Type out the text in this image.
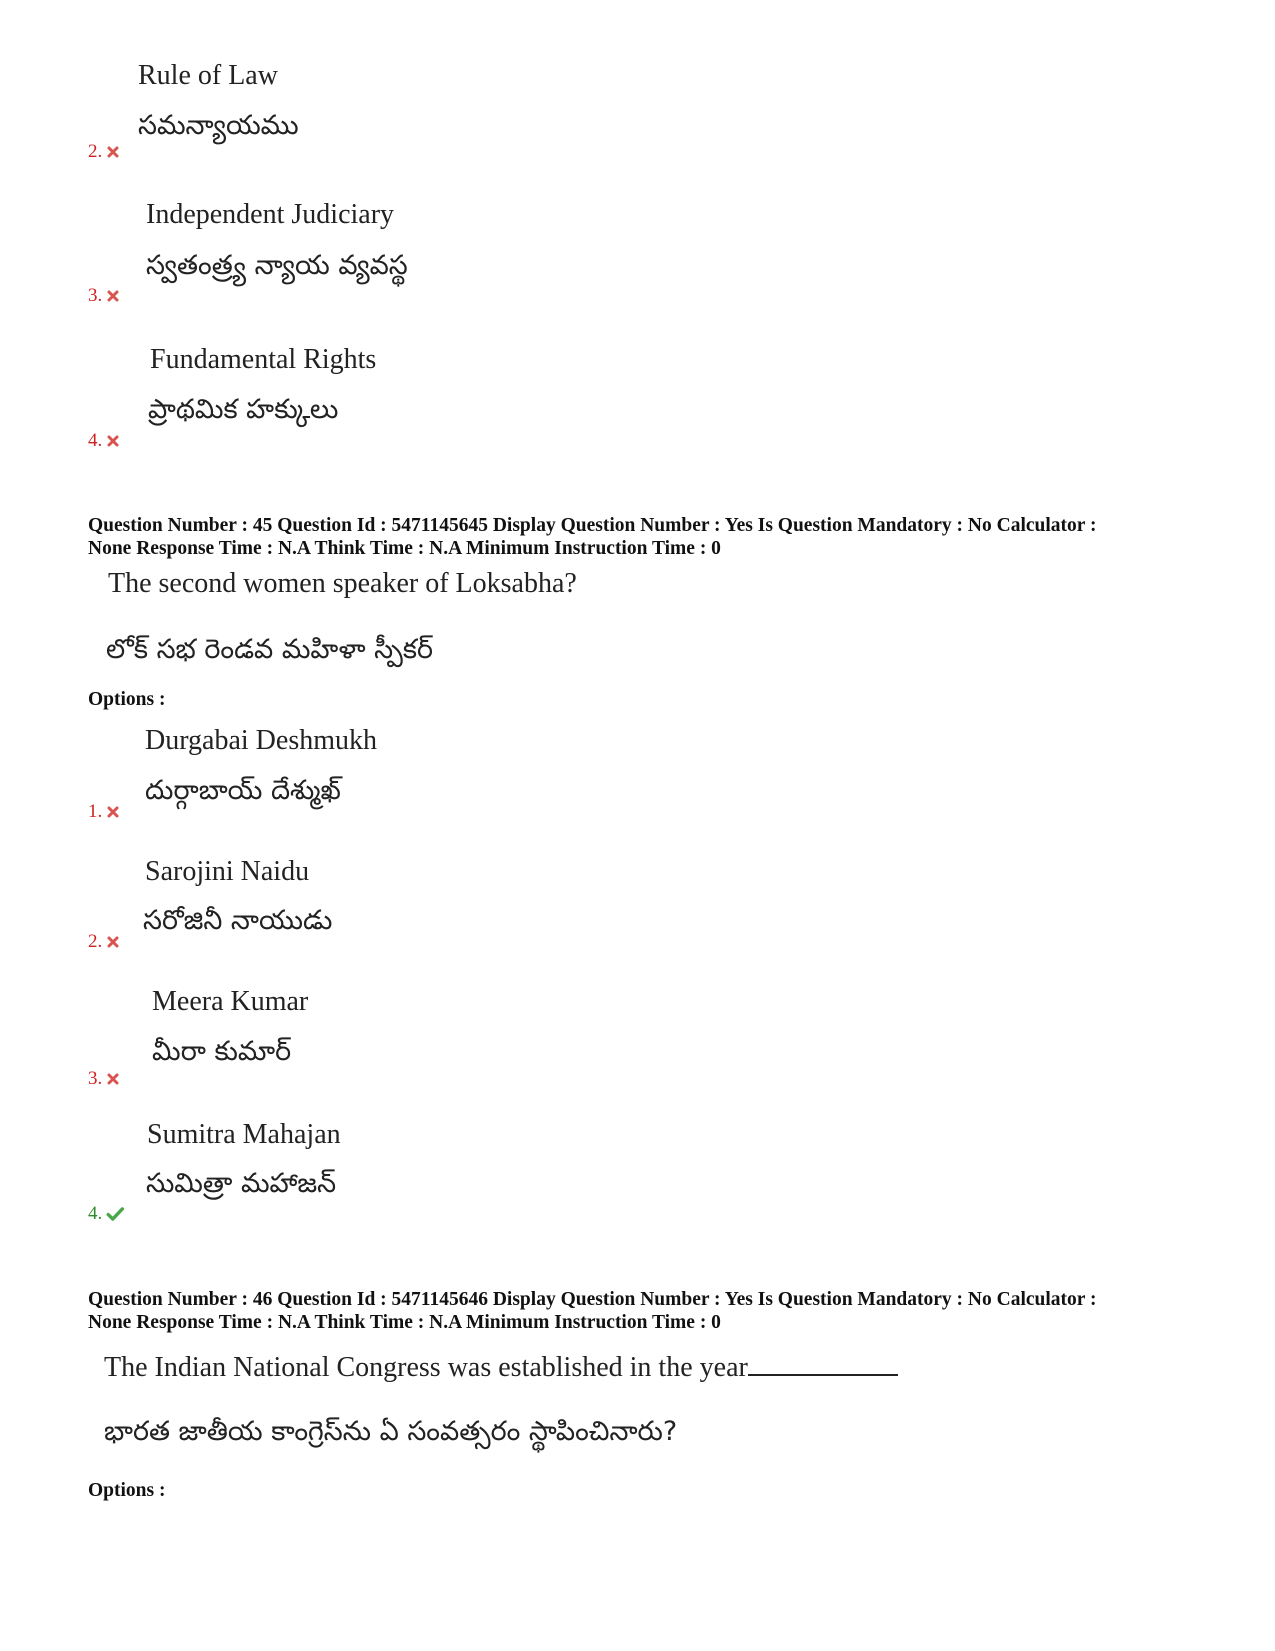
Rule of Law
సమన్యాయము
2.
Independent Judiciary
స్వతంత్ర్య న్యాయ వ్యవస్థ
3.
Fundamental Rights
ప్రాథమిక హక్కులు
4.
Question Number : 45 Question Id : 5471145645 Display Question Number : Yes Is Question Mandatory : No Calculator :
None Response Time : N.A Think Time : N.A Minimum Instruction Time : 0
The second women speaker of Loksabha?
లోక్ సభ రెండవ మహిళా స్పీకర్
Options :
Durgabai Deshmukh
దుర్గాబాయ్ దేశ్ముఖ్
1.
Sarojini Naidu
సరోజినీ నాయుడు
2.
Meera Kumar
మీరా కుమార్
3.
Sumitra Mahajan
సుమిత్రా మహాజన్
4.
Question Number : 46 Question Id : 5471145646 Display Question Number : Yes Is Question Mandatory : No Calculator :
None Response Time : N.A Think Time : N.A Minimum Instruction Time : 0
The Indian National Congress was established in the year
భారత జాతీయ కాంగ్రెస్‌ను ఏ సంవత్సరం స్థాపించినారు?
Options :
